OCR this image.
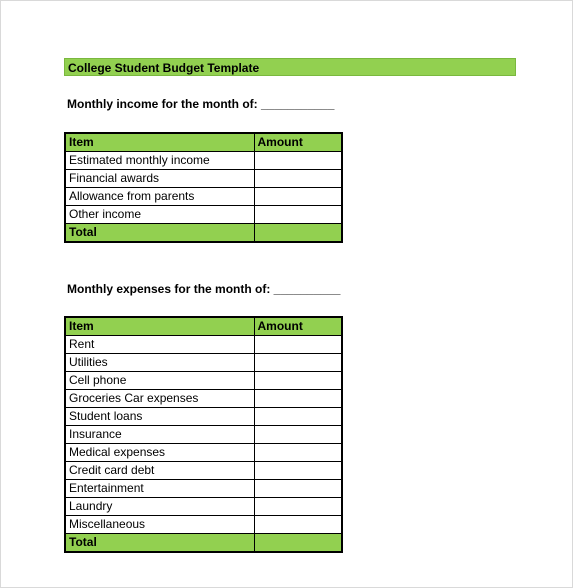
College Student Budget Template
Monthly income for the month of: ___________
Item	Amount
Estimated monthly income	
Financial awards	
Allowance from parents	
Other income	
Total	
Monthly expenses for the month of: __________
Item	Amount
Rent	
Utilities	
Cell phone	
Groceries Car expenses	
Student loans	
Insurance	
Medical expenses	
Credit card debt	
Entertainment	
Laundry	
Miscellaneous	
Total	
